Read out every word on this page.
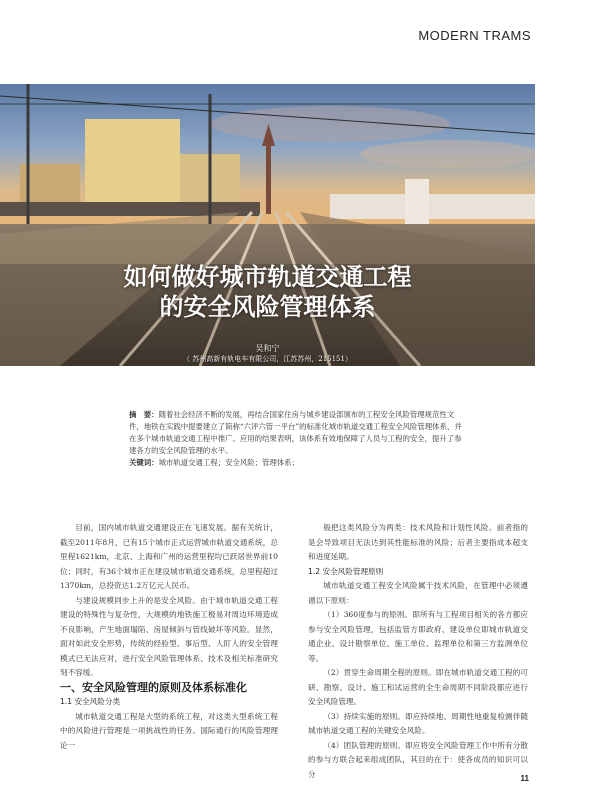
MODERN TRAMS
如何做好城市轨道交通工程
的安全风险管理体系
吴和宁
（ 苏州高新有轨电车有限公司，江苏苏州，215151）
摘　要：随着社会经济不断的发展，再结合国家住房与城乡建设部颁布的工程安全风险管理规范性文件，地铁在实践中提要建立了简称“六评六管一平台”的标准化城市轨道交通工程安全风险管理体系，并在多个城市轨道交通工程中推广。应用的结果表明，该体系有效地保障了人员与工程的安全，提升了参建各方的安全风险管理的水平。
关键词：城市轨道交通工程；安全风险；管理体系；

目前，国内城市轨道交通建设正在飞速发展。据有关统计，截至2011年8月，已有15个城市正式运营城市轨道交通系统，总里程1621km，北京、上海和广州的运营里程均已跃居世界前10位；同时，有36个城市正在建设城市轨道交通系统，总里程超过1370km，总投资达1.2万亿元人民币。

与建设规模同步上升的是安全风险。由于城市轨道交通工程建设的特殊性与复杂性，大规模的地铁施工极易对周边环境造成不良影响，产生地面塌陷、房屋倾斜与管线破坏等风险。显然，面对如此安全形势，传统的经验型、事后型、人盯人的安全管理模式已无法应对，进行安全风险管理体系、技术及相关标准研究刻不容缓。

一、安全风险管理的原则及体系标准化

1.1 安全风险分类

城市轨道交通工程是大型的系统工程，对这类大型系统工程中的风险进行管理是一项挑战性的任务。国际通行的风险管理理论一

般把这类风险分为两类：技术风险和计划性风险。前者指的是会导致项目无法达到其性能标准的风险；后者主要指成本超支和进度延期。

1.2 安全风险管理原则

城市轨道交通工程安全风险属于技术风险，在管理中必须遵循以下原则：

（1）360度参与的原则。即所有与工程项目相关的各方都应参与安全风险管理，包括监管方即政府、建设单位即城市轨道交通企业、设计勘察单位、施工单位、监理单位和第三方监测单位等。

（2）贯穿生命周期全程的原则。即在城市轨道交通工程的可研、勘察、设计、施工和试运营的全生命周期不同阶段都应进行安全风险管理。

（3）持续实施的原则。即应持续地、周期性地重复检测伴随城市轨道交通工程的关键安全风险。

（4）团队管理的原则。即应将安全风险管理工作中所有分散的参与方联合起来组成团队，其目的在于：使各成员的知识可以分	11
